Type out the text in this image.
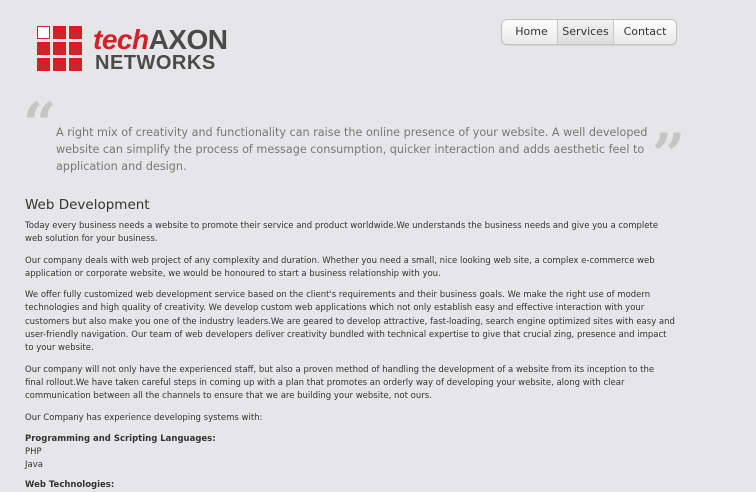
techAXON
NETWORKS
Home	Services	Contact
“ A right mix of creativity and functionality can raise the online presence of your website. A well developed website can simplify the process of message consumption, quicker interaction and adds aesthetic feel to application and design.	”
Web Development

Today every business needs a website to promote their service and product worldwide.We understands the business needs and give you a complete web solution for your business.

Our company deals with web project of any complexity and duration. Whether you need a small, nice looking web site, a complex e-commerce web application or corporate website, we would be honoured to start a business relationship with you.

We offer fully customized web development service based on the client's requirements and their business goals. We make the right use of modern technologies and high quality of creativity. We develop custom web applications which not only establish easy and effective interaction with your customers but also make you one of the industry leaders.We are geared to develop attractive, fast-loading, search engine optimized sites with easy and user-friendly navigation. Our team of web developers deliver creativity bundled with technical expertise to give that crucial zing, presence and impact to your website.

Our company will not only have the experienced staff, but also a proven method of handling the development of a website from its inception to the final rollout.We have taken careful steps in coming up with a plan that promotes an orderly way of developing your website, along with clear communication between all the channels to ensure that we are building your website, not ours.

Our Company has experience developing systems with:

Programming and Scripting Languages:
PHP
Java
Web Technologies:
